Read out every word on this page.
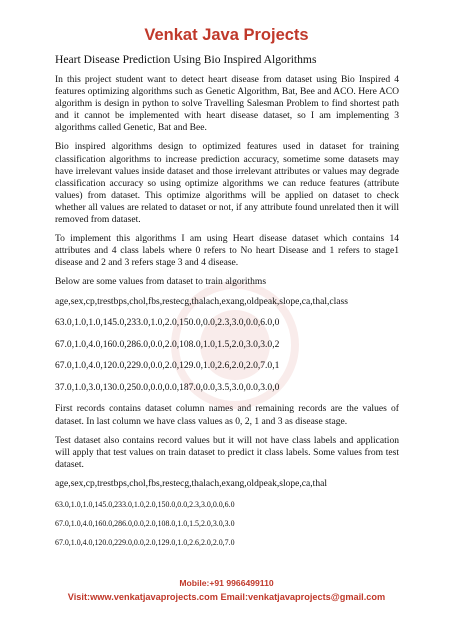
Venkat Java Projects
Heart Disease Prediction Using Bio Inspired Algorithms

In this project student want to detect heart disease from dataset using Bio Inspired 4 features optimizing algorithms such as Genetic Algorithm, Bat, Bee and ACO. Here ACO algorithm is design in python to solve Travelling Salesman Problem to find shortest path and it cannot be implemented with heart disease dataset, so I am implementing 3 algorithms called Genetic, Bat and Bee.

Bio inspired algorithms design to optimized features used in dataset for training classification algorithms to increase prediction accuracy, sometime some datasets may have irrelevant values inside dataset and those irrelevant attributes or values may degrade classification accuracy so using optimize algorithms we can reduce features (attribute values) from dataset. This optimize algorithms will be applied on dataset to check whether all values are related to dataset or not, if any attribute found unrelated then it will removed from dataset.

To implement this algorithms I am using Heart disease dataset which contains 14 attributes and 4 class labels where 0 refers to No heart Disease and 1 refers to stage1 disease and 2 and 3 refers stage 3 and 4 disease.

Below are some values from dataset to train algorithms

age,sex,cp,trestbps,chol,fbs,restecg,thalach,exang,oldpeak,slope,ca,thal,class
63.0,1.0,1.0,145.0,233.0,1.0,2.0,150.0,0.0,2.3,3.0,0.0,6.0,0
67.0,1.0,4.0,160.0,286.0,0.0,2.0,108.0,1.0,1.5,2.0,3.0,3.0,2
67.0,1.0,4.0,120.0,229.0,0.0,2.0,129.0,1.0,2.6,2.0,2.0,7.0,1
37.0,1.0,3.0,130.0,250.0,0.0,0.0,187.0,0.0,3.5,3.0,0.0,3.0,0

First records contains dataset column names and remaining records are the values of dataset. In last column we have class values as 0, 2, 1 and 3 as disease stage.

Test dataset also contains record values but it will not have class labels and application will apply that test values on train dataset to predict it class labels. Some values from test dataset.

age,sex,cp,trestbps,chol,fbs,restecg,thalach,exang,oldpeak,slope,ca,thal
63.0,1.0,1.0,145.0,233.0,1.0,2.0,150.0,0.0,2.3,3.0,0.0,6.0
67.0,1.0,4.0,160.0,286.0,0.0,2.0,108.0,1.0,1.5,2.0,3.0,3.0
67.0,1.0,4.0,120.0,229.0,0.0,2.0,129.0,1.0,2.6,2.0,2.0,7.0
Mobile:+91 9966499110
Visit:www.venkatjavaprojects.com Email:venkatjavaprojects@gmail.com
